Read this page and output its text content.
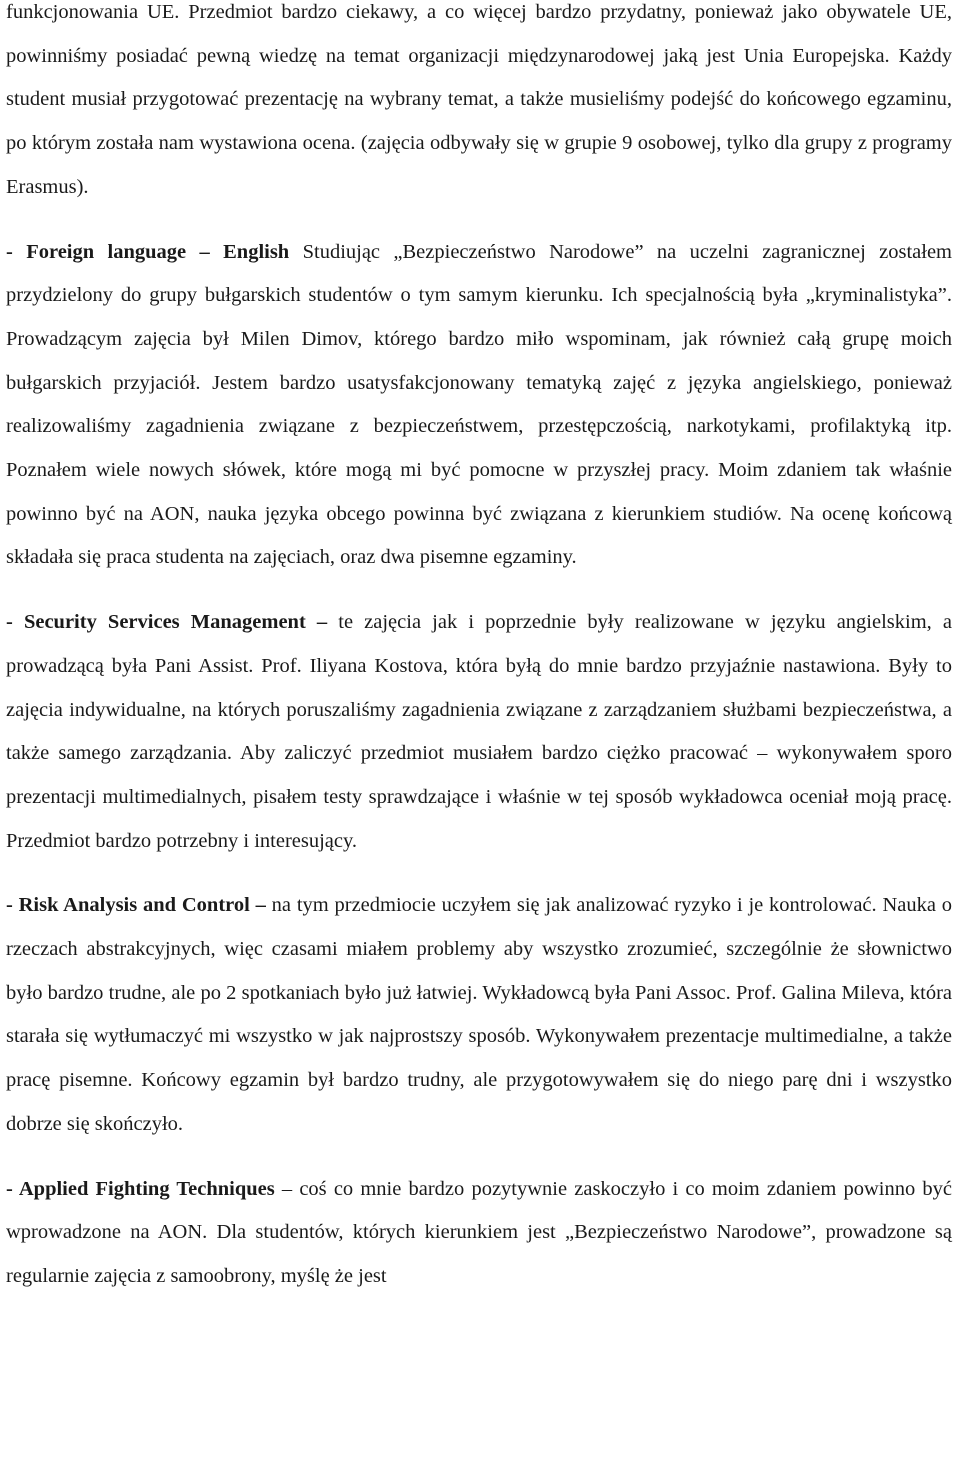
funkcjonowania UE. Przedmiot bardzo ciekawy, a co więcej bardzo przydatny, ponieważ jako obywatele UE, powinniśmy posiadać pewną wiedzę na temat organizacji międzynarodowej jaką jest Unia Europejska. Każdy student musiał przygotować prezentację na wybrany temat, a także musieliśmy podejść do końcowego egzaminu, po którym została nam wystawiona ocena. (zajęcia odbywały się w grupie 9 osobowej, tylko dla grupy z programy Erasmus).

- Foreign language – English Studiując „Bezpieczeństwo Narodowe” na uczelni zagranicznej zostałem przydzielony do grupy bułgarskich studentów o tym samym kierunku. Ich specjalnością była „kryminalistyka”. Prowadzącym zajęcia był Milen Dimov, którego bardzo miło wspominam, jak również całą grupę moich bułgarskich przyjaciół. Jestem bardzo usatysfakcjonowany tematyką zajęć z języka angielskiego, ponieważ realizowaliśmy zagadnienia związane z bezpieczeństwem, przestępczością, narkotykami, profilaktyką itp. Poznałem wiele nowych słówek, które mogą mi być pomocne w przyszłej pracy. Moim zdaniem tak właśnie powinno być na AON, nauka języka obcego powinna być związana z kierunkiem studiów. Na ocenę końcową składała się praca studenta na zajęciach, oraz dwa pisemne egzaminy.

- Security Services Management – te zajęcia jak i poprzednie były realizowane w języku angielskim, a prowadzącą była Pani Assist. Prof. Iliyana Kostova, która byłą do mnie bardzo przyjaźnie nastawiona. Były to zajęcia indywidualne, na których poruszaliśmy zagadnienia związane z zarządzaniem służbami bezpieczeństwa, a także samego zarządzania. Aby zaliczyć przedmiot musiałem bardzo ciężko pracować – wykonywałem sporo prezentacji multimedialnych, pisałem testy sprawdzające i właśnie w tej sposób wykładowca oceniał moją pracę. Przedmiot bardzo potrzebny i interesujący.

- Risk Analysis and Control – na tym przedmiocie uczyłem się jak analizować ryzyko i je kontrolować. Nauka o rzeczach abstrakcyjnych, więc czasami miałem problemy aby wszystko zrozumieć, szczególnie że słownictwo było bardzo trudne, ale po 2 spotkaniach było już łatwiej. Wykładowcą była Pani Assoc. Prof. Galina Mileva, która starała się wytłumaczyć mi wszystko w jak najprostszy sposób. Wykonywałem prezentacje multimedialne, a także pracę pisemne. Końcowy egzamin był bardzo trudny, ale przygotowywałem się do niego parę dni i wszystko dobrze się skończyło.

- Applied Fighting Techniques – coś co mnie bardzo pozytywnie zaskoczyło i co moim zdaniem powinno być wprowadzone na AON. Dla studentów, których kierunkiem jest „Bezpieczeństwo Narodowe”, prowadzone są regularnie zajęcia z samoobrony, myślę że jest
